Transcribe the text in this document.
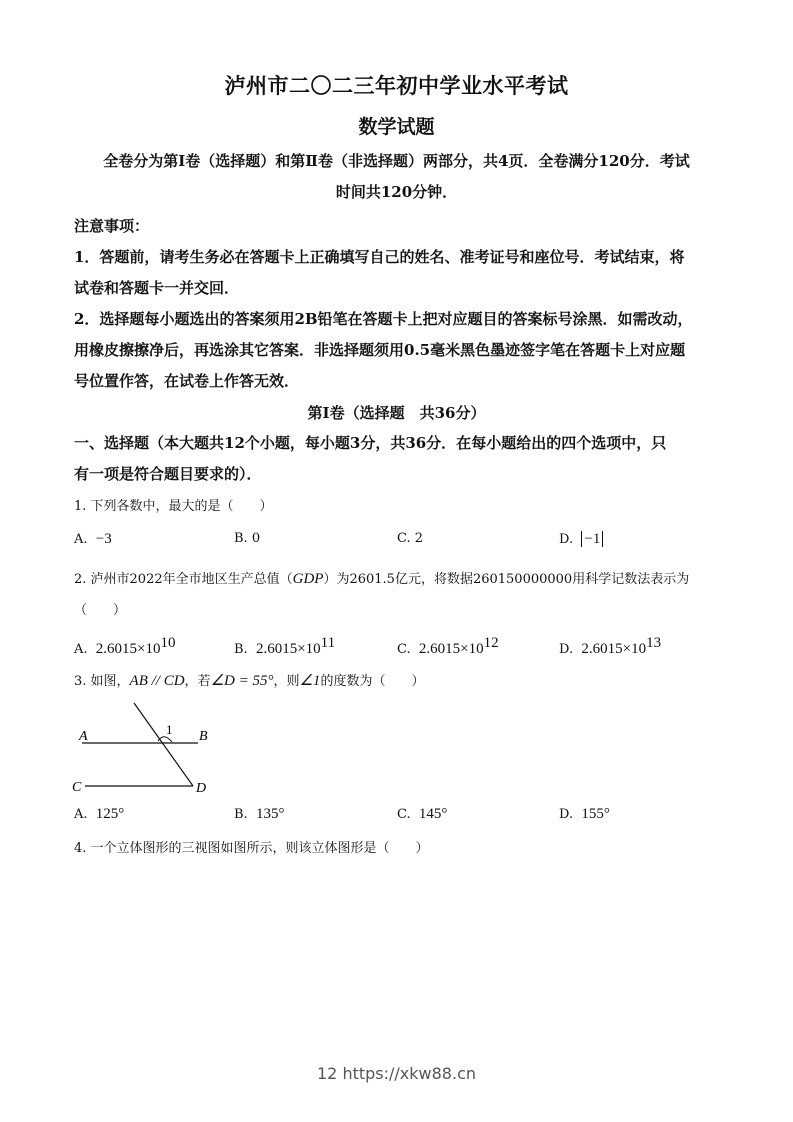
泸州市二〇二三年初中学业水平考试
数学试题
全卷分为第Ⅰ卷（选择题）和第Ⅱ卷（非选择题）两部分，共4页．全卷满分120分．考试
时间共120分钟．
注意事项：
1．答题前，请考生务必在答题卡上正确填写自己的姓名、准考证号和座位号．考试结束，将
试卷和答题卡一并交回．
2．选择题每小题选出的答案须用2B铅笔在答题卡上把对应题目的答案标号涂黑．如需改动，
用橡皮擦擦净后，再选涂其它答案．非选择题须用0.5毫米黑色墨迹签字笔在答题卡上对应题
号位置作答，在试卷上作答无效．
第Ⅰ卷（选择题　共36分）
一、选择题（本大题共12个小题，每小题3分，共36分．在每小题给出的四个选项中，只
有一项是符合题目要求的）．
1. 下列各数中，最大的是（　　）
A. −3	B. 0	C. 2	D. −1
2. 泸州市2022年全市地区生产总值（GDP）为2601.5亿元，将数据260150000000用科学记数法表示为
（　　）
A. $2.6015\times 10^{10}$	B. $2.6015\times 10^{11}$	C. $2.6015\times 10^{12}$	D. $2.6015\times 10^{13}$
3. 如图，AB // CD，若∠D = 55°，则∠1的度数为（　　）
A	B
C	D
1
A. 125°	B. 135°	C. 145°	D. 155°
4. 一个立体图形的三视图如图所示，则该立体图形是（　　）
12 https://xkw88.cn
